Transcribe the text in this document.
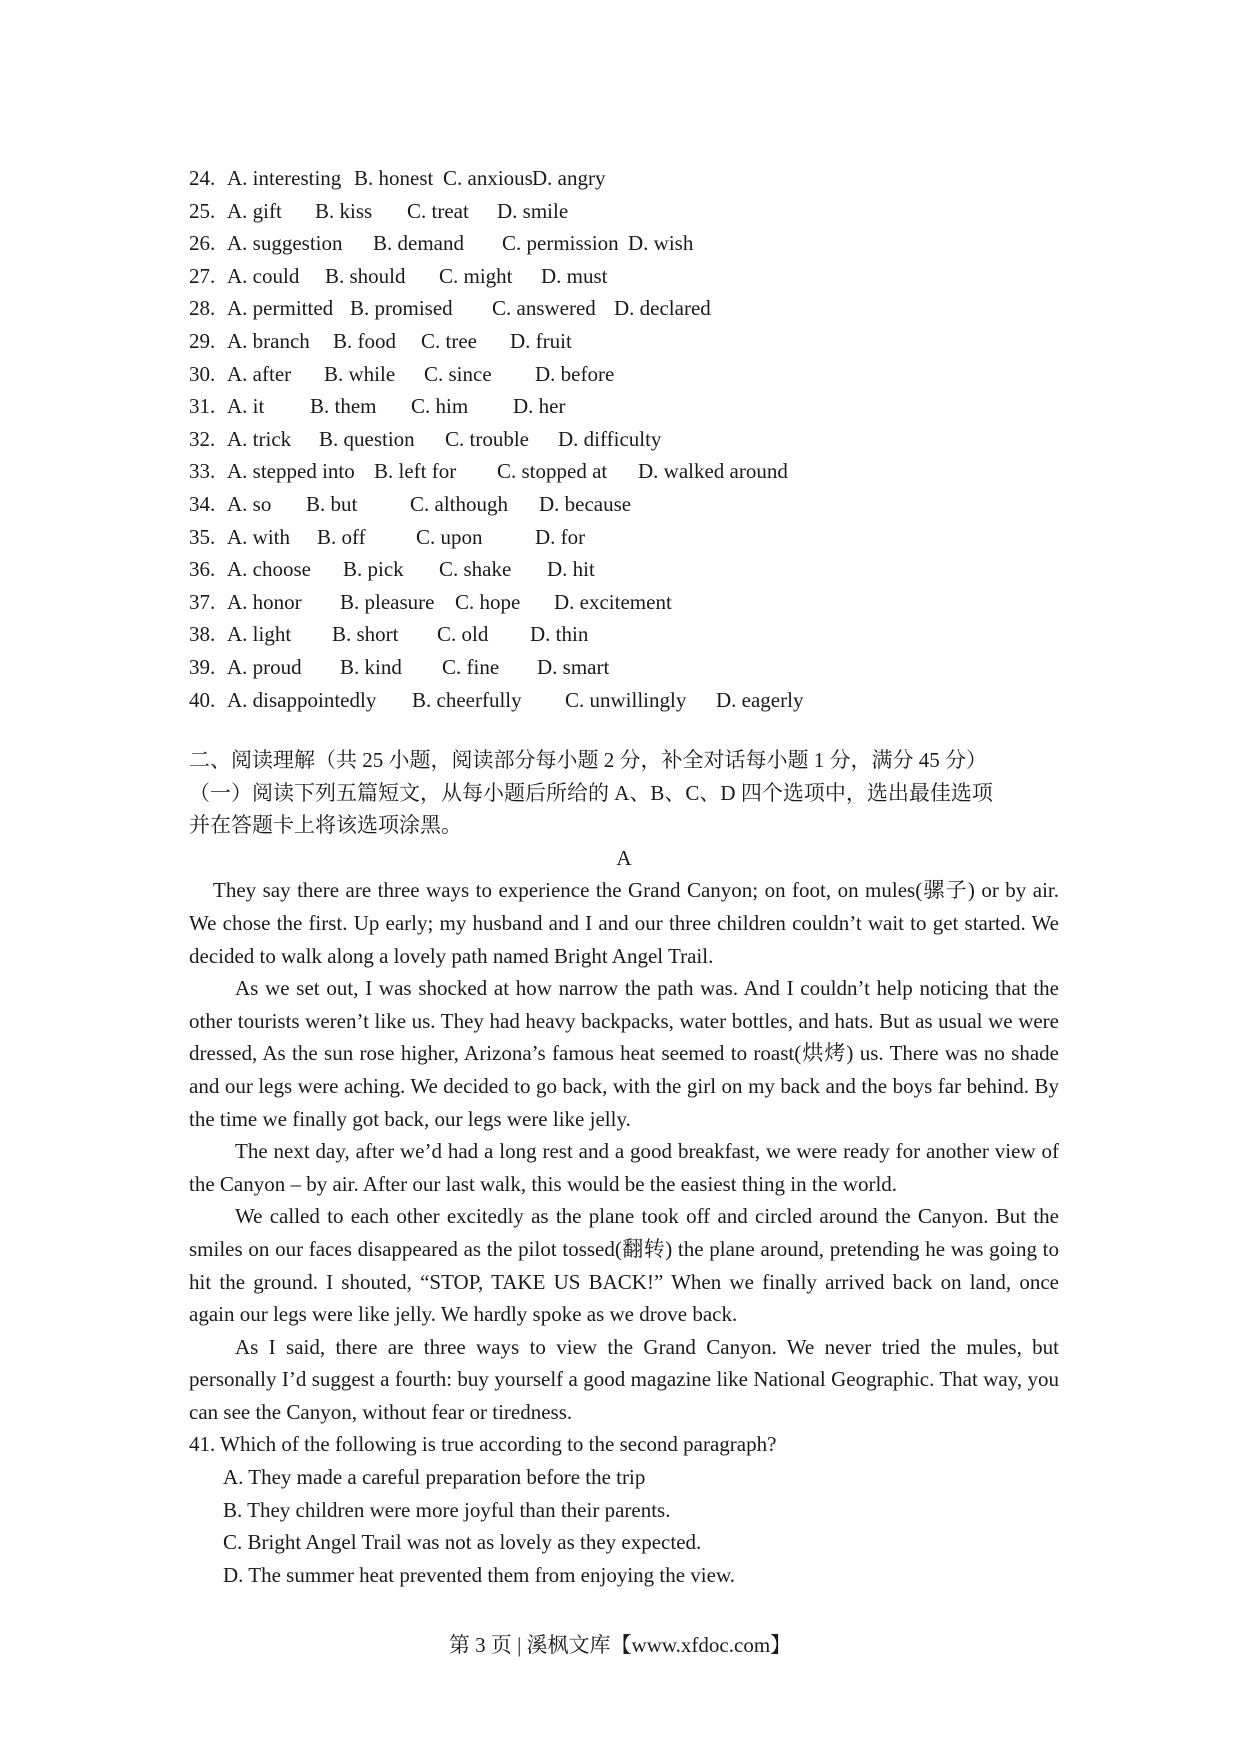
24. A. interesting B. honest C. anxious D. angry
25. A. gift B. kiss C. treat D. smile
26. A. suggestion B. demand C. permission D. wish
27. A. could B. should C. might D. must
28. A. permitted B. promised C. answered D. declared
29. A. branch B. food C. tree D. fruit
30. A. after B. while C. since D. before
31. A. it B. them C. him D. her
32. A. trick B. question C. trouble D. difficulty
33. A. stepped into B. left for C. stopped at D. walked around
34. A. so B. but	C. although D. because
35. A. with B. off C. upon D. for
36. A. choose B. pick C. shake D. hit
37. A. honor B. pleasure C. hope D. excitement
38. A. light B. short C. old D. thin
39. A. proud B. kind C. fine D. smart
40. A. disappointedly B. cheerfully C. unwillingly D. eagerly
二、阅读理解（共 25 小题，阅读部分每小题 2 分，补全对话每小题 1 分，满分 45 分）
（一）阅读下列五篇短文，从每小题后所给的 A、B、C、D 四个选项中，选出最佳选项
并在答题卡上将该选项涂黑。
A

They say there are three ways to experience the Grand Canyon; on foot, on mules(骡子) or by air. We chose the first. Up early; my husband and I and our three children couldn’t wait to get started. We decided to walk along a lovely path named Bright Angel Trail.

As we set out, I was shocked at how narrow the path was. And I couldn’t help noticing that the other tourists weren’t like us. They had heavy backpacks, water bottles, and hats. But as usual we were dressed, As the sun rose higher, Arizona’s famous heat seemed to roast(烘烤) us. There was no shade and our legs were aching. We decided to go back, with the girl on my back and the boys far behind. By the time we finally got back, our legs were like jelly.

The next day, after we’d had a long rest and a good breakfast, we were ready for another view of the Canyon – by air. After our last walk, this would be the easiest thing in the world.

We called to each other excitedly as the plane took off and circled around the Canyon. But the smiles on our faces disappeared as the pilot tossed(翻转) the plane around, pretending he was going to hit the ground. I shouted, “STOP, TAKE US BACK!” When we finally arrived back on land, once again our legs were like jelly. We hardly spoke as we drove back.

As I said, there are three ways to view the Grand Canyon. We never tried the mules, but personally I’d suggest a fourth: buy yourself a good magazine like National Geographic. That way, you can see the Canyon, without fear or tiredness.

41. Which of the following is true according to the second paragraph?

A. They made a careful preparation before the trip

B. They children were more joyful than their parents.

C. Bright Angel Trail was not as lovely as they expected.

D. The summer heat prevented them from enjoying the view.

第 3 页 | 溪枫文库【www.xfdoc.com】
